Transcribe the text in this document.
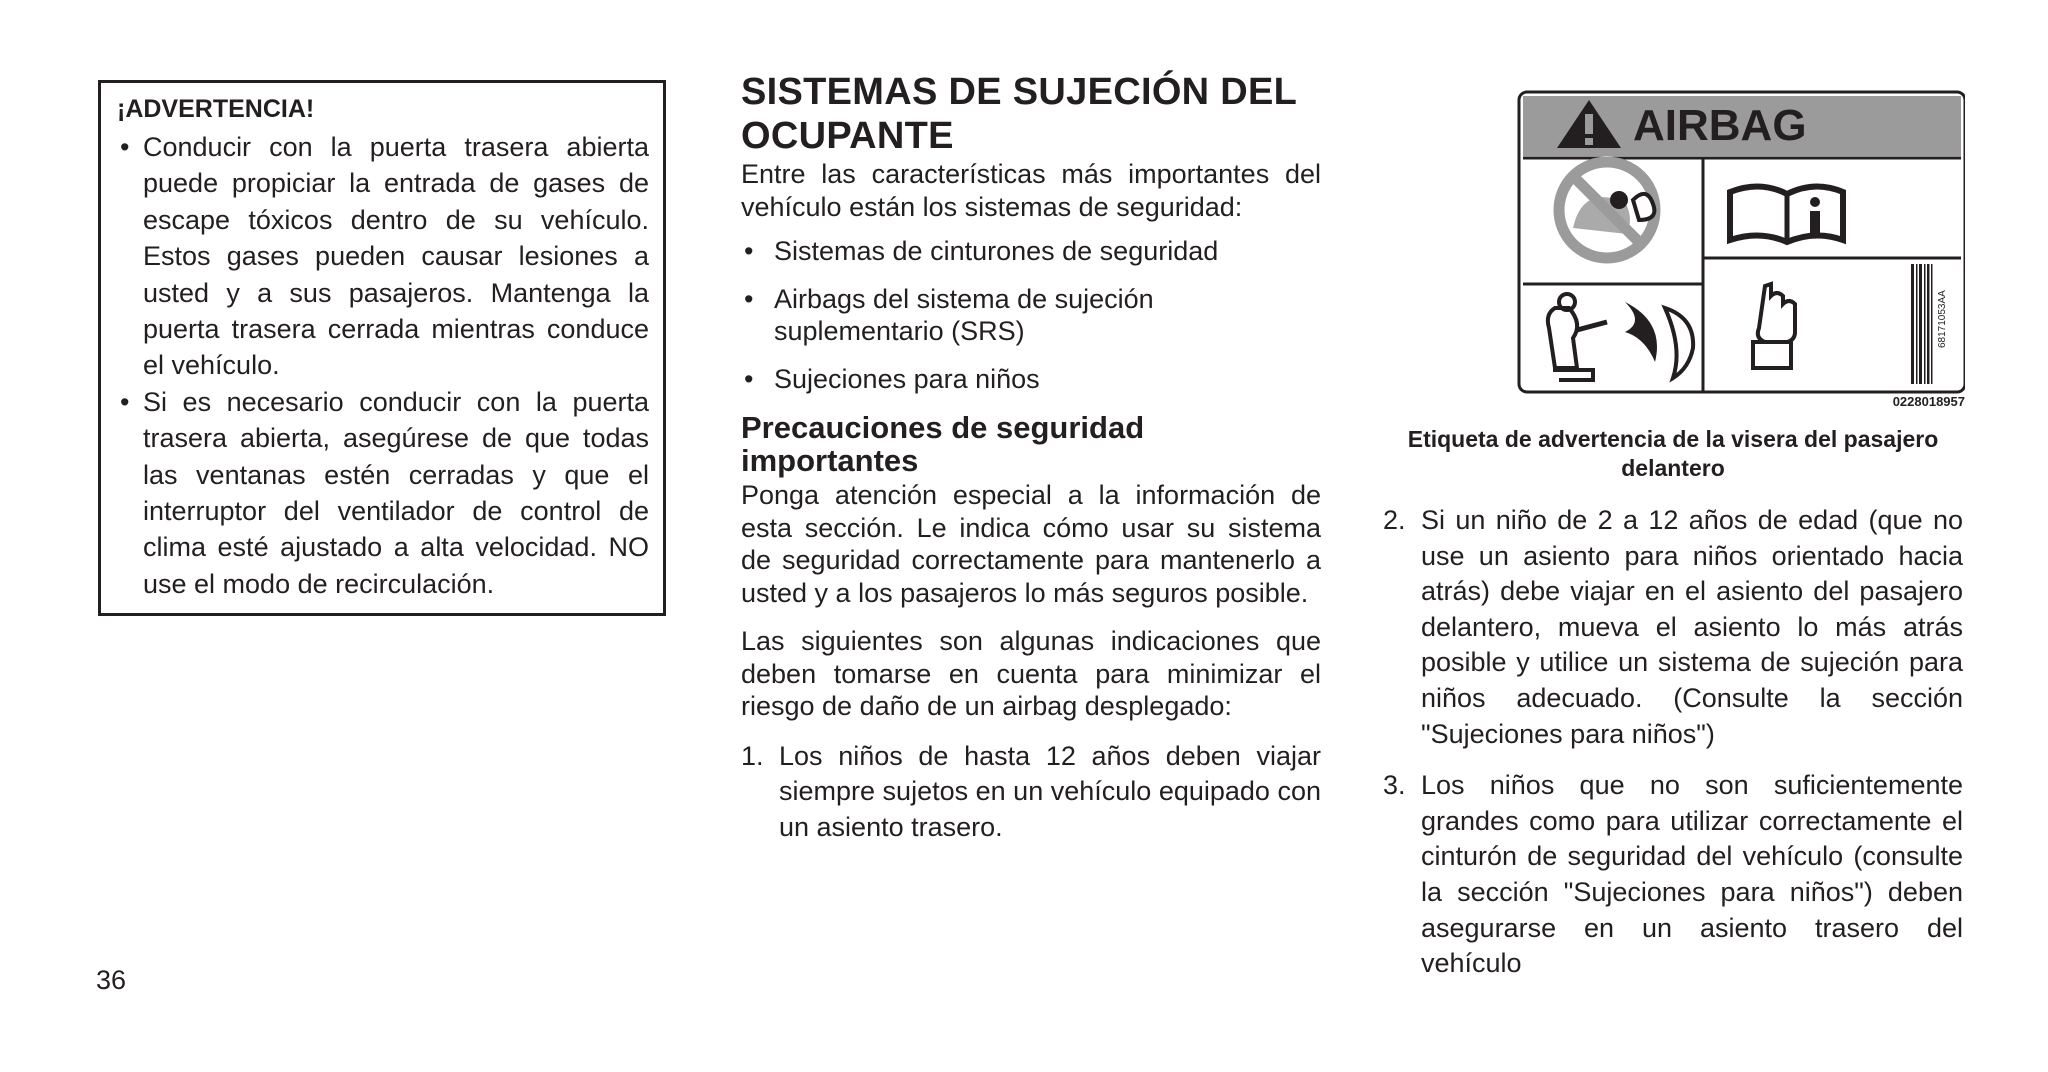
¡ADVERTENCIA!

• Conducir con la puerta trasera abierta puede propiciar la entrada de gases de escape tóxicos dentro de su vehículo. Estos gases pueden causar lesiones a usted y a sus pasajeros. Mantenga la puerta trasera cerrada mientras conduce el vehículo.
• Si es necesario conducir con la puerta trasera abierta, asegúrese de que todas las ventanas estén cerradas y que el interruptor del ventilador de control de clima esté ajustado a alta velocidad. NO use el modo de recirculación.
SISTEMAS DE SUJECIÓN DEL OCUPANTE

Entre las características más importantes del vehículo están los sistemas de seguridad:

• Sistemas de cinturones de seguridad
• Airbags del sistema de sujeción suplementario (SRS)
• Sujeciones para niños
Precauciones de seguridad importantes

Ponga atención especial a la información de esta sección. Le indica cómo usar su sistema de seguridad correctamente para mantenerlo a usted y a los pasajeros lo más seguros posible.

Las siguientes son algunas indicaciones que deben tomarse en cuenta para minimizar el riesgo de daño de un airbag desplegado:

1. Los niños de hasta 12 años deben viajar siempre sujetos en un vehículo equipado con un asiento trasero.
AIRBAG
68171053AA
0228018957

Etiqueta de advertencia de la visera del pasajero delantero

2. Si un niño de 2 a 12 años de edad (que no use un asiento para niños orientado hacia atrás) debe viajar en el asiento del pasajero delantero, mueva el asiento lo más atrás posible y utilice un sistema de sujeción para niños adecuado. (Consulte la sección "Sujeciones para niños")
3. Los niños que no son suficientemente grandes como para utilizar correctamente el cinturón de seguridad del vehículo (consulte la sección "Sujeciones para niños") deben asegurarse en un asiento trasero del vehículo
36
